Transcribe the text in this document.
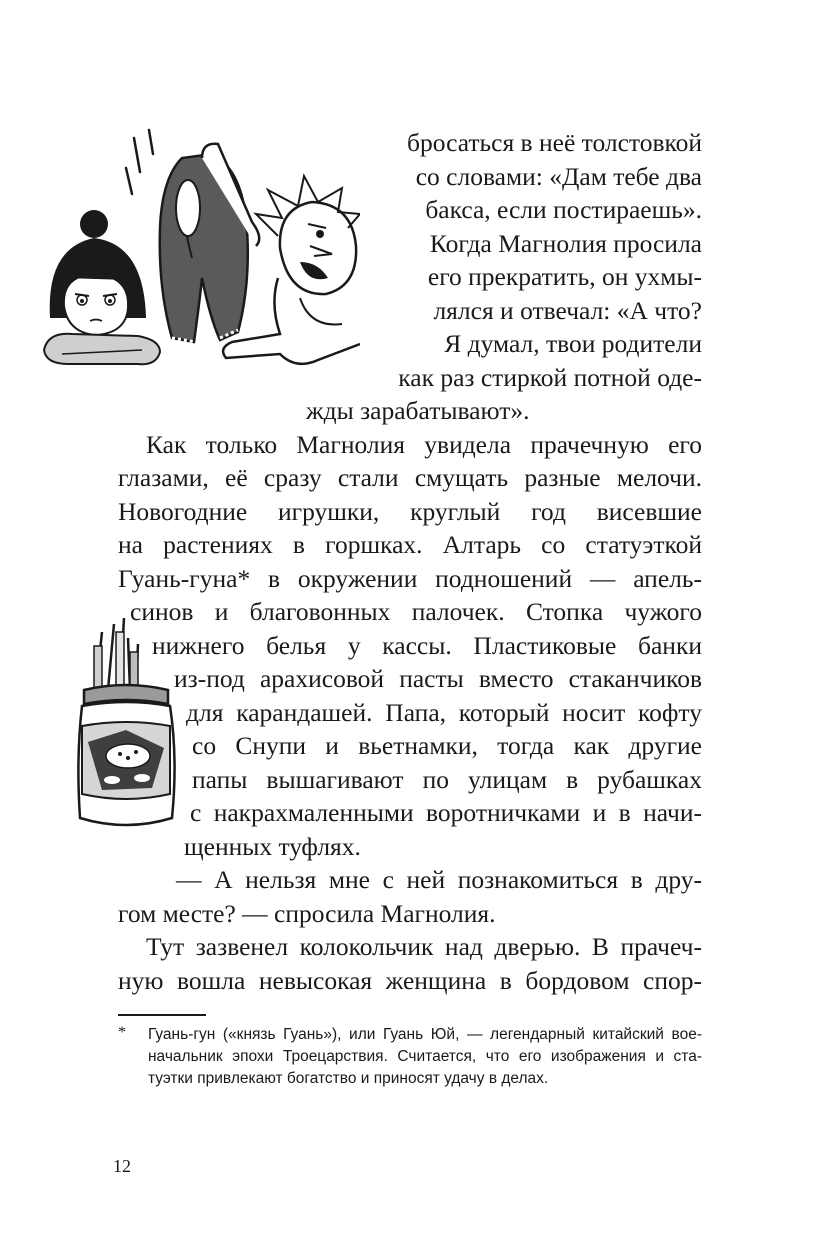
бросаться в неё толстовкой
со словами: «Дам тебе два
бакса, если постираешь».
Когда Магнолия просила
его прекратить, он ухмы-
лялся и отвечал: «А что?
Я думал, твои родители
как раз стиркой потной оде-
жды зарабатывают».
Как только Магнолия увидела прачечную его
глазами, её сразу стали смущать разные мелочи.
Новогодние игрушки, круглый год висевшие
на растениях в горшках. Алтарь со статуэткой
Гуань-гуна* в окружении подношений — апель-
синов и благовонных палочек. Стопка чужого
нижнего белья у кассы. Пластиковые банки
из-под арахисовой пасты вместо стаканчиков
для карандашей. Папа, который носит кофту
со Снупи и вьетнамки, тогда как другие
папы вышагивают по улицам в рубашках
с накрахмаленными воротничками и в начи-
щенных туфлях.
— А нельзя мне с ней познакомиться в дру-
гом месте? — спросила Магнолия.
Тут зазвенел колокольчик над дверью. В прачеч-
ную вошла невысокая женщина в бордовом спор-
* Гуань-гун («князь Гуань»), или Гуань Юй, — легендарный китайский вое-
начальник эпохи Троецарствия. Считается, что его изображения и ста-
туэтки привлекают богатство и приносят удачу в делах.
12
